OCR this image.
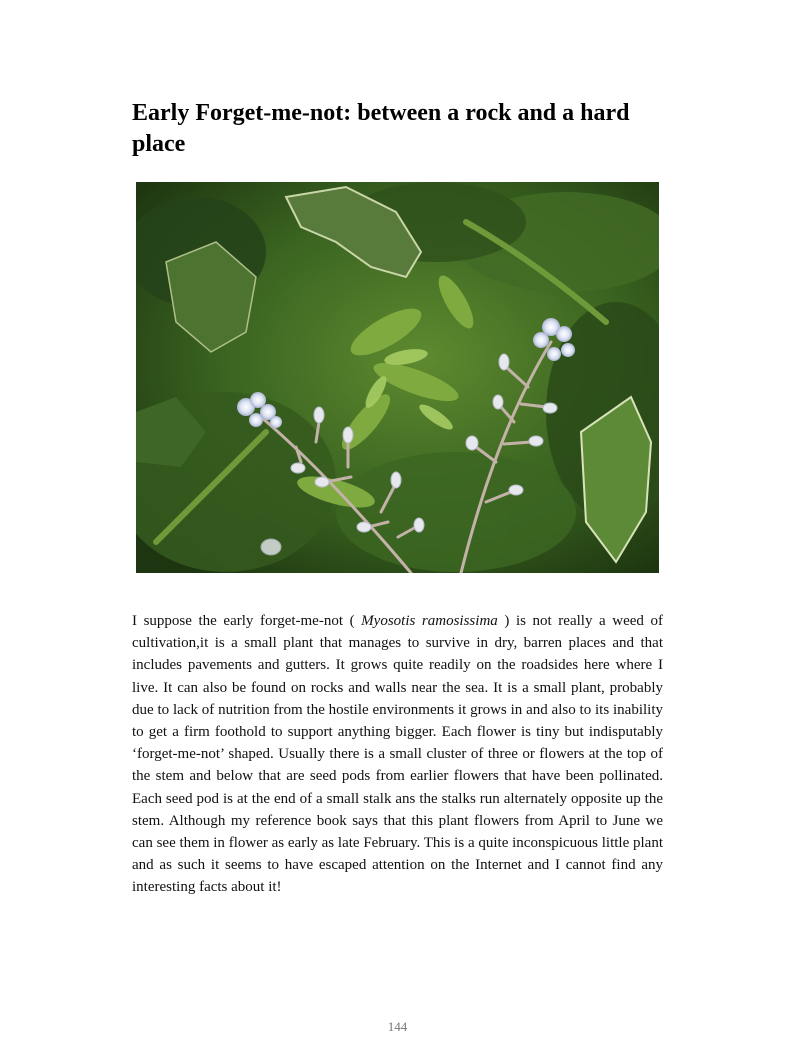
Early Forget-me-not: between a rock and a hard place

I suppose the early forget-me-not ( Myosotis ramosissima ) is not really a weed of cultivation,it is a small plant that manages to survive in dry, barren places and that includes pavements and gutters. It grows quite readily on the roadsides here where I live. It can also be found on rocks and walls near the sea. It is a small plant, probably due to lack of nutrition from the hostile environments it grows in and also to its inability to get a firm foothold to support anything bigger. Each flower is tiny but indisputably ‘forget-me-not’ shaped. Usually there is a small cluster of three or flowers at the top of the stem and below that are seed pods from earlier flowers that have been pollinated. Each seed pod is at the end of a small stalk ans the stalks run alternately opposite up the stem. Although my reference book says that this plant flowers from April to June we can see them in flower as early as late February. This is a quite inconspicuous little plant and as such it seems to have escaped attention on the Internet and I cannot find any interesting facts about it!

144
